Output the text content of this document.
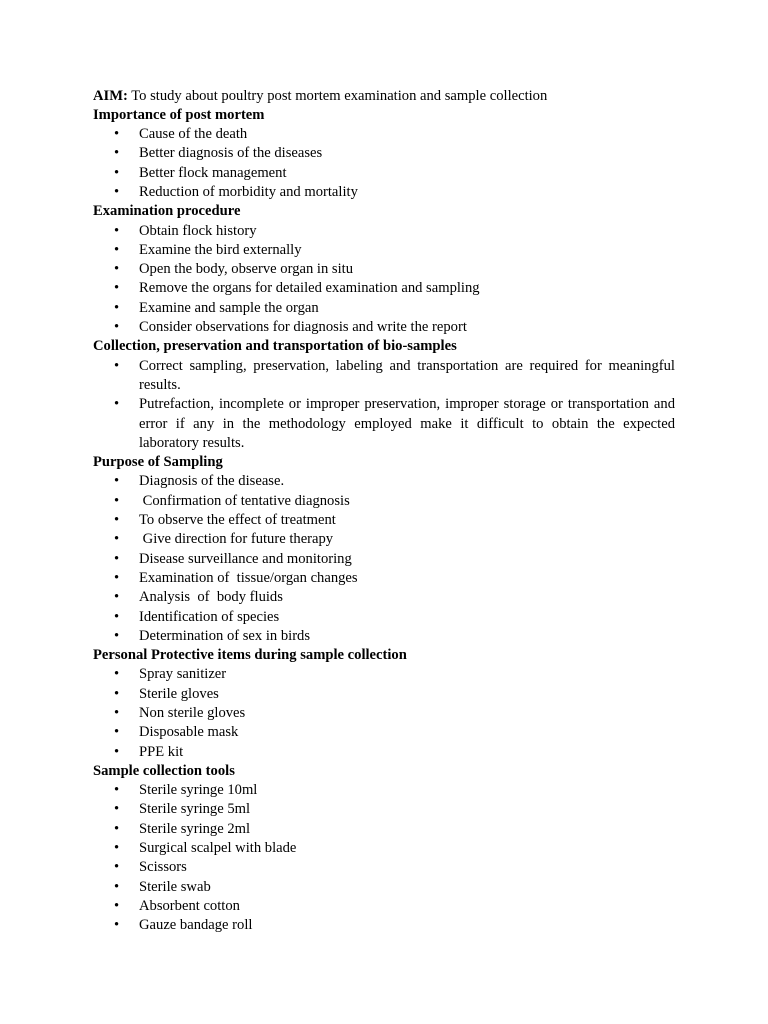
AIM: To study about poultry post mortem examination and sample collection
Importance of post mortem
• Cause of the death
• Better diagnosis of the diseases
• Better flock management
• Reduction of morbidity and mortality
Examination procedure
• Obtain flock history
• Examine the bird externally
• Open the body, observe organ in situ
• Remove the organs for detailed examination and sampling
• Examine and sample the organ
• Consider observations for diagnosis and write the report
Collection, preservation and transportation of bio-samples
• Correct sampling, preservation, labeling and transportation are required for meaningful results.
• Putrefaction, incomplete or improper preservation, improper storage or transportation and error if any in the methodology employed make it difficult to obtain the expected laboratory results.
Purpose of Sampling
• Diagnosis of the disease.
• Confirmation of tentative diagnosis
• To observe the effect of treatment
• Give direction for future therapy
• Disease surveillance and monitoring
• Examination of  tissue/organ changes
• Analysis  of  body fluids
• Identification of species
• Determination of sex in birds
Personal Protective items during sample collection
• Spray sanitizer
• Sterile gloves
• Non sterile gloves
• Disposable mask
• PPE kit
Sample collection tools
• Sterile syringe 10ml
• Sterile syringe 5ml
• Sterile syringe 2ml
• Surgical scalpel with blade
• Scissors
• Sterile swab
• Absorbent cotton
• Gauze bandage roll
